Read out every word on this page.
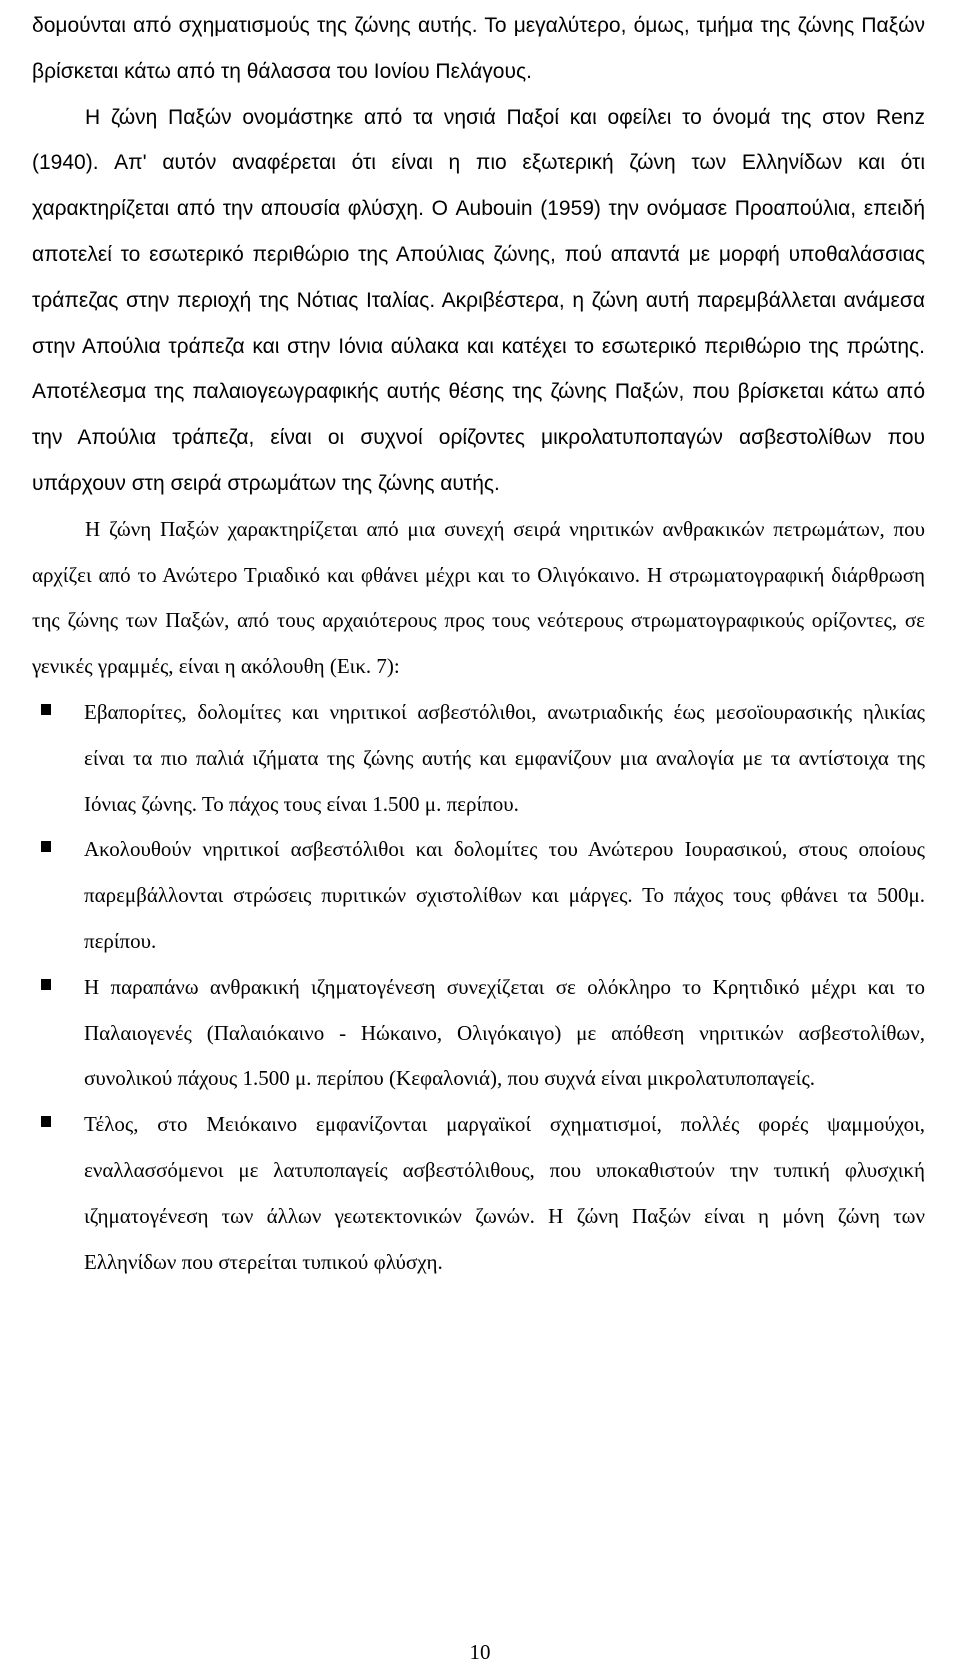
δομούνται από σχηματισμούς της ζώνης αυτής. Το μεγαλύτερο, όμως, τμήμα της ζώνης Παξών βρίσκεται κάτω από τη θάλασσα του Ιονίου Πελάγους.

Η ζώνη Παξών ονομάστηκε από τα νησιά Παξοί και οφείλει το όνομά της στον Renz (1940). Απ' αυτόν αναφέρεται ότι είναι η πιο εξωτερική ζώνη των Ελληνίδων και ότι χαρακτηρίζεται από την απουσία φλύσχη. Ο Aubouin (1959) την ονόμασε Προαπούλια, επειδή αποτελεί το εσωτερικό περιθώριο της Απούλιας ζώνης, πού απαντά με μορφή υποθαλάσσιας τράπεζας στην περιοχή της Νότιας Ιταλίας. Ακριβέστερα, η ζώνη αυτή παρεμβάλλεται ανάμεσα στην Απούλια τράπεζα και στην Ιόνια αύλακα και κατέχει το εσωτερικό περιθώριο της πρώτης. Αποτέλεσμα της παλαιογεωγραφικής αυτής θέσης της ζώνης Παξών, που βρίσκεται κάτω από την Απούλια τράπεζα, είναι οι συχνοί ορίζοντες μικρολατυποπαγών ασβεστολίθων που υπάρχουν στη σειρά στρωμάτων της ζώνης αυτής.

Η ζώνη Παξών χαρακτηρίζεται από μια συνεχή σειρά νηριτικών ανθρακικών πετρωμάτων, που αρχίζει από το Ανώτερο Τριαδικό και φθάνει μέχρι και το Ολιγόκαινο. Η στρωματογραφική διάρθρωση της ζώνης των Παξών, από τους αρχαιότερους προς τους νεότερους στρωματογραφικούς ορίζοντες, σε γενικές γραμμές, είναι η ακόλουθη (Εικ. 7):

Εβαπορίτες, δολομίτες και νηριτικοί ασβεστόλιθοι, ανωτριαδικής έως μεσοϊουρασικής ηλικίας είναι τα πιο παλιά ιζήματα της ζώνης αυτής και εμφανίζουν μια αναλογία με τα αντίστοιχα της Ιόνιας ζώνης. Το πάχος τους είναι 1.500 μ. περίπου.
Ακολουθούν νηριτικοί ασβεστόλιθοι και δολομίτες του Ανώτερου Ιουρασικού, στους οποίους παρεμβάλλονται στρώσεις πυριτικών σχιστολίθων και μάργες. Το πάχος τους φθάνει τα 500μ. περίπου.
Η παραπάνω ανθρακική ιζηματογένεση συνεχίζεται σε ολόκληρο το Κρητιδικό μέχρι και το Παλαιογενές (Παλαιόκαινο - Ηώκαινο, Ολιγόκαιγο) με απόθεση νηριτικών ασβεστολίθων, συνολικού πάχους 1.500 μ. περίπου (Κεφαλονιά), που συχνά είναι μικρολατυποπαγείς.
Τέλος, στο Μειόκαινο εμφανίζονται μαργαϊκοί σχηματισμοί, πολλές φορές ψαμμούχοι, εναλλασσόμενοι με λατυποπαγείς ασβεστόλιθους, που υποκαθιστούν την τυπική φλυσχική ιζηματογένεση των άλλων γεωτεκτονικών ζωνών. Η ζώνη Παξών είναι η μόνη ζώνη των Ελληνίδων που στερείται τυπικού φλύσχη.
10
